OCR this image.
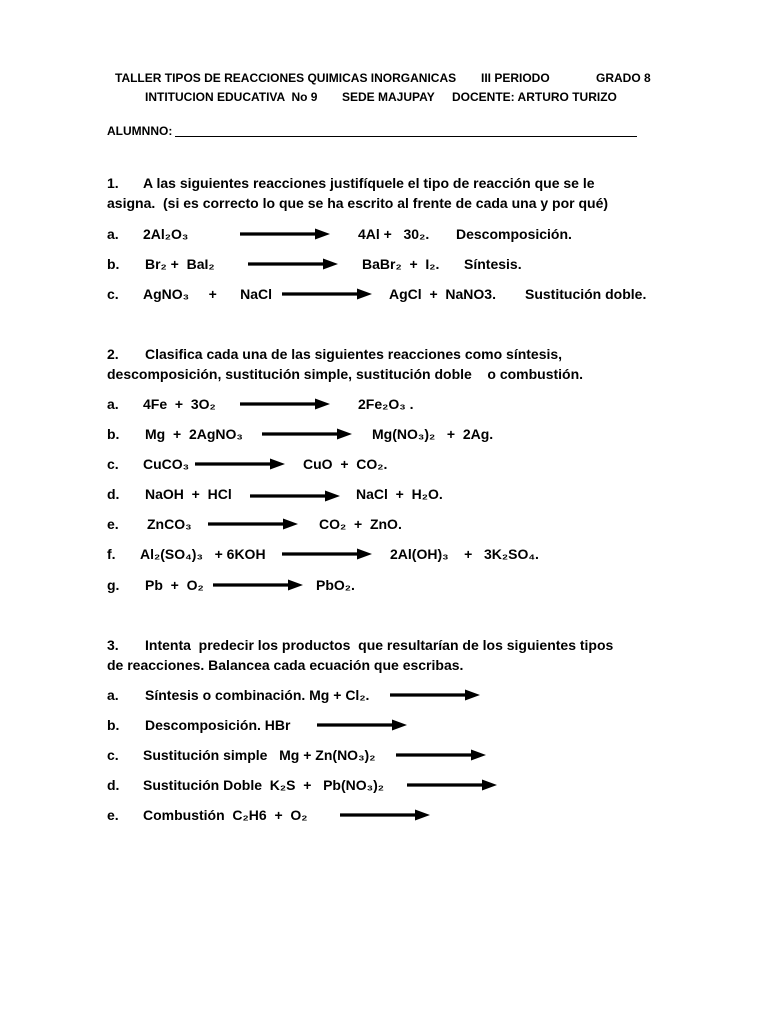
TALLER TIPOS DE REACCIONES QUIMICAS INORGANICAS III PERIODO	GRADO 8
INTITUCION EDUCATIVA  No 9 SEDE MAJUPAY DOCENTE: ARTURO TURIZO
ALUMNNO:
1. A las siguientes reacciones justifíquele el tipo de reacción que se le
asigna.  (si es correcto lo que se ha escrito al frente de cada una y por qué)
a. 2Al₂O₃	4Al +   30₂. Descomposición.
b. Br₂ +  BaI₂	BaBr₂  +  I₂. Síntesis.
c. AgNO₃     +      NaCl	AgCl  +  NaNO3. Sustitución doble.
2. Clasifica cada una de las siguientes reacciones como síntesis,
descomposición, sustitución simple, sustitución doble    o combustión.
a. 4Fe  +  3O₂	2Fe₂O₃ .
b. Mg  +  2AgNO₃	Mg(NO₃)₂   +  2Ag.
c. CuCO₃	CuO  +  CO₂.
d. NaOH  +  HCl	NaCl  +  H₂O.
e. ZnCO₃	CO₂  +  ZnO.
f. Al₂(SO₄)₃   + 6KOH	2Al(OH)₃    +   3K₂SO₄.
g. Pb  +  O₂	PbO₂.
3. Intenta  predecir los productos  que resultarían de los siguientes tipos
de reacciones. Balancea cada ecuación que escribas.
a. Síntesis o combinación. Mg + Cl₂.
b. Descomposición. HBr
c. Sustitución simple   Mg + Zn(NO₃)₂
d. Sustitución Doble  K₂S  +   Pb(NO₃)₂
e. Combustión  C₂H6  +  O₂
